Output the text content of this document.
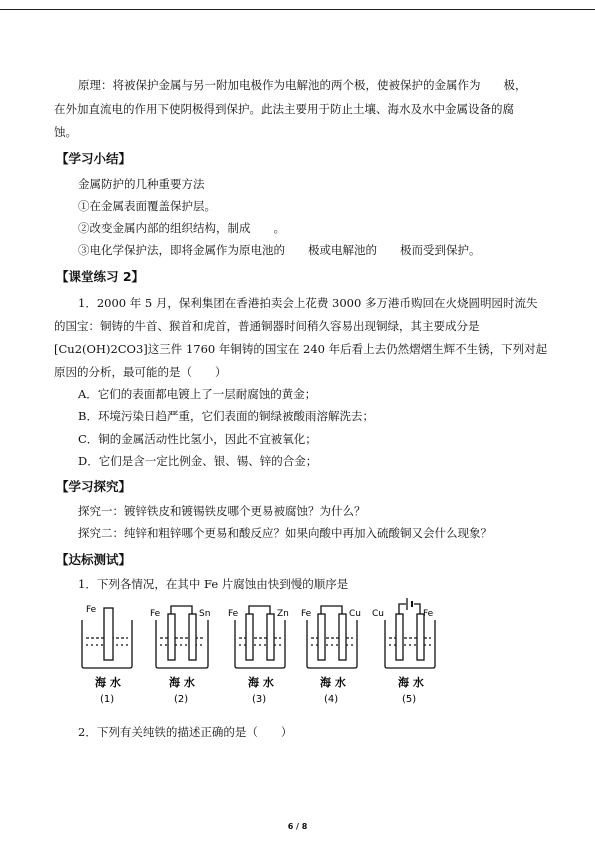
原理：将被保护金属与另一附加电极作为电解池的两个极，使被保护的金属作为　　极，
在外加直流电的作用下使阴极得到保护。此法主要用于防止土壤、海水及水中金属设备的腐
蚀。
【学习小结】
金属防护的几种重要方法
①在金属表面覆盖保护层。
②改变金属内部的组织结构，制成　　。
③电化学保护法，即将金属作为原电池的　　极或电解池的　　极而受到保护。
【课堂练习 2】
1．2000 年 5 月，保利集团在香港拍卖会上花费 3000 多万港币购回在火烧圆明园时流失
的国宝：铜铸的牛首、猴首和虎首，普通铜器时间稍久容易出现铜绿，其主要成分是
[Cu2(OH)2CO3]这三件 1760 年铜铸的国宝在 240 年后看上去仍然熠熠生辉不生锈，下列对起
原因的分析，最可能的是（　　）
A．它们的表面都电镀上了一层耐腐蚀的黄金；
B．环境污染日趋严重，它们表面的铜绿被酸雨溶解洗去；
C．铜的金属活动性比氢小，因此不宜被氧化；
D．它们是含一定比例金、银、锡、锌的合金；
【学习探究】
探究一：镀锌铁皮和镀锡铁皮哪个更易被腐蚀？为什么？
探究二：纯锌和粗锌哪个更易和酸反应？如果向酸中再加入硫酸铜又会什么现象？
【达标测试】
1．下列各情况，在其中 Fe 片腐蚀由快到慢的顺序是
Fe	Fe	Sn Fe	Zn Fe	Cu Cu	Fe
海 水	海 水	海 水	海 水	海 水
(1)	(2)	(3)	(4)	(5)
2．下列有关纯铁的描述正确的是（　　）
6 / 8
